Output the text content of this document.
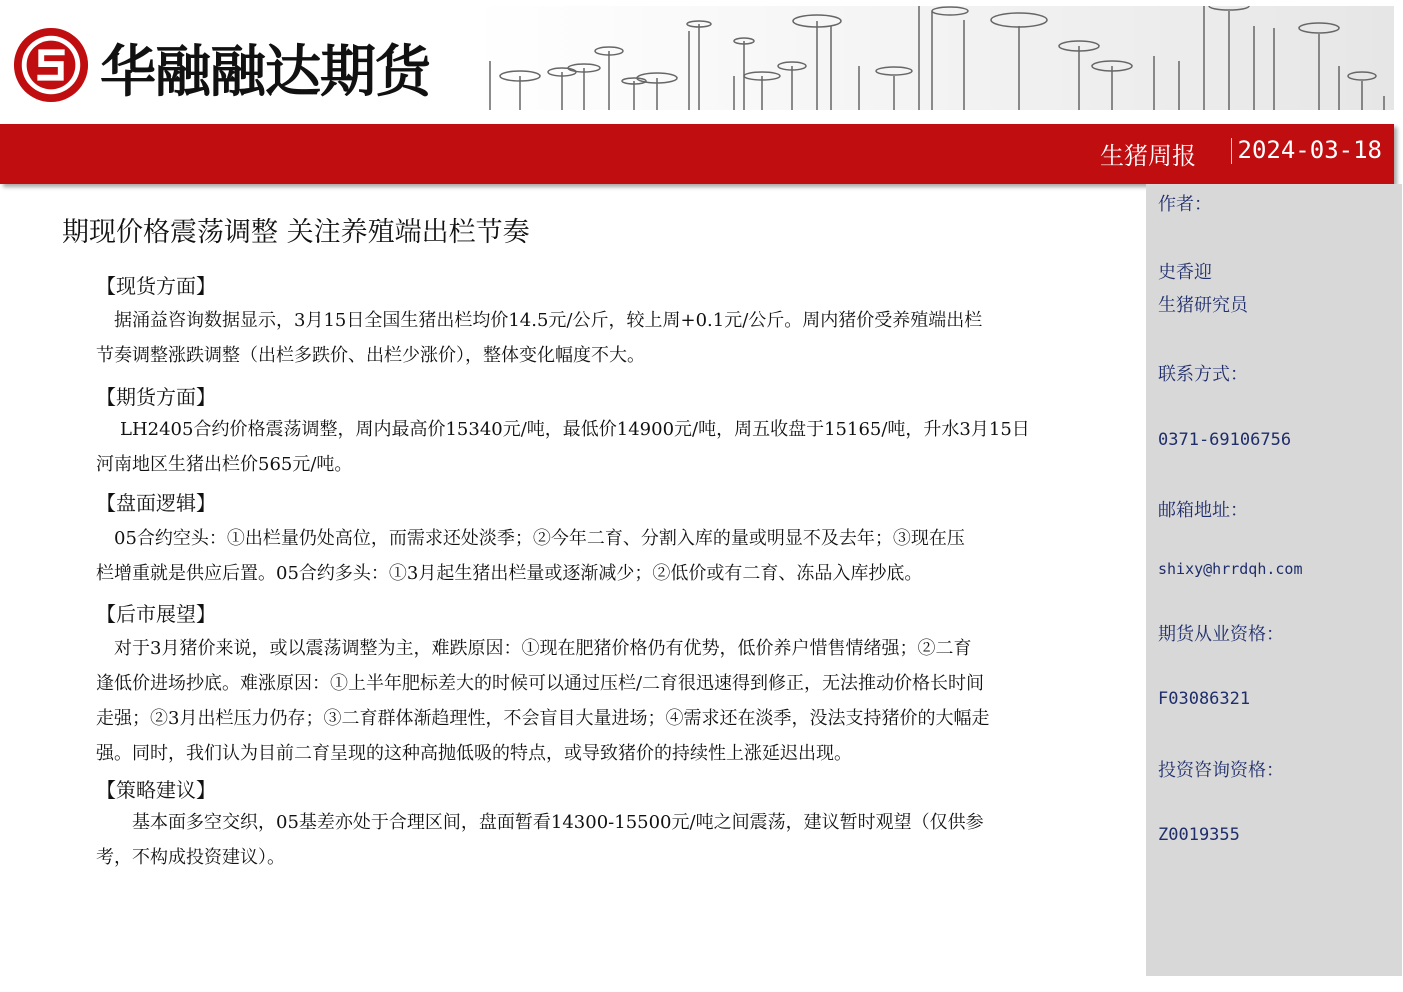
华融融达期货
生猪周报 2024-03-18
期现价格震荡调整 关注养殖端出栏节奏
【现货方面】
　据涌益咨询数据显示，3月15日全国生猪出栏均价14.5元/公斤，较上周+0.1元/公斤。周内猪价受养殖端出栏
节奏调整涨跌调整（出栏多跌价、出栏少涨价），整体变化幅度不大。
【期货方面】
LH2405合约价格震荡调整，周内最高价15340元/吨，最低价14900元/吨，周五收盘于15165/吨，升水3月15日
河南地区生猪出栏价565元/吨。
【盘面逻辑】
　05合约空头：①出栏量仍处高位，而需求还处淡季；②今年二育、分割入库的量或明显不及去年；③现在压
栏增重就是供应后置。05合约多头：①3月起生猪出栏量或逐渐减少；②低价或有二育、冻品入库抄底。
【后市展望】
　对于3月猪价来说，或以震荡调整为主，难跌原因：①现在肥猪价格仍有优势，低价养户惜售情绪强；②二育
逢低价进场抄底。难涨原因：①上半年肥标差大的时候可以通过压栏/二育很迅速得到修正，无法推动价格长时间
走强；②3月出栏压力仍存；③二育群体渐趋理性，不会盲目大量进场；④需求还在淡季，没法支持猪价的大幅走
强。同时，我们认为目前二育呈现的这种高抛低吸的特点，或导致猪价的持续性上涨延迟出现。
【策略建议】
　　基本面多空交织，05基差亦处于合理区间，盘面暂看14300-15500元/吨之间震荡，建议暂时观望（仅供参
考，不构成投资建议）。
作者：
史香迎
生猪研究员
联系方式：
0371-69106756
邮箱地址：
shixy@hrrdqh.com
期货从业资格：
F03086321
投资咨询资格：
Z0019355
